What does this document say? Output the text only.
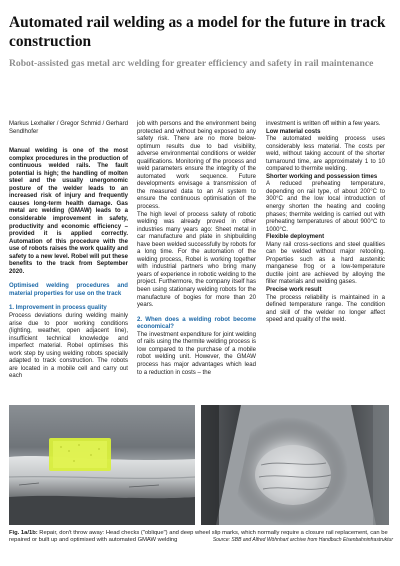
Automated rail welding as a model for the future in track construction
Robot-assisted gas metal arc welding for greater efficiency and safety in rail maintenance

Markus Lexhaller / Gregor Schmid / Gerhard Sendlhofer

Manual welding is one of the most complex procedures in the production of continuous welded rails. The fault potential is high; the handling of molten steel and the usually unergonomic posture of the welder leads to an increased risk of injury and frequently causes long-term health damage. Gas metal arc welding (GMAW) leads to a considerable improvement in safety, productivity and economic efficiency – provided it is applied correctly. Automation of this procedure with the use of robots raises the work quality and safety to a new level. Robel will put these benefits to the track from September 2020.

Optimised welding procedures and material properties for use on the track

1. Improvement in process quality

Process deviations during welding mainly arise due to poor working conditions (lighting, weather, open adjacent line), insufficient technical knowledge and imperfect material. Robel optimises this work step by using welding robots specially adapted to track construction. The robots are located in a mobile cell and carry out each

job with persons and the environment being protected and without being exposed to any safety risk. There are no more below-optimum results due to bad visibility, adverse environmental conditions or welder qualifications. Monitoring of the process and weld parameters ensure the integrity of the automated work sequence. Future developments envisage a transmission of the measured data to an AI system to ensure the continuous optimisation of the process.

The high level of process safety of robotic welding was already proved in other industries many years ago: Sheet metal in car manufacture and plate in shipbuilding have been welded successfully by robots for a long time. For the automation of the welding process, Robel is working together with industrial partners who bring many years of experience in robotic welding to the project. Furthermore, the company itself has been using stationary welding robots for the manufacture of bogies for more than 20 years.

2. When does a welding robot become economical?

The investment expenditure for joint welding of rails using the thermite welding process is low compared to the purchase of a mobile robot welding unit. However, the GMAW process has major advantages which lead to a reduction in costs – the

investment is written off within a few years.

Low material costs

The automated welding process uses considerably less material. The costs per weld, without taking account of the shorter turnaround time, are approximately 1 to 10 compared to thermite welding.

Shorter working and possession times

A reduced preheating temperature, depending on rail type, of about 200°C to 300°C and the low local introduction of energy shorten the heating and cooling phases; thermite welding is carried out with preheating temperatures of about 900°C to 1000°C.

Flexible deployment

Many rail cross-sections and steel qualities can be welded without major retooling. Properties such as a hard austenitic manganese frog or a low-temperature ductile joint are achieved by alloying the filler materials and welding gases.

Precise work result

The process reliability is maintained in a defined temperature range. The condition and skill of the welder no longer affect speed and quality of the weld.

Fig. 1a/1b: Repair, don't throw away: Head checks ("oblique") and deep wheel slip marks, which normally require a closure rail replacement, can be repaired or built up and optimised with automated GMAW welding	Source: SBB and Alfred Wöhnhart archive from Handbuch Eisenbahninfrastruktur
